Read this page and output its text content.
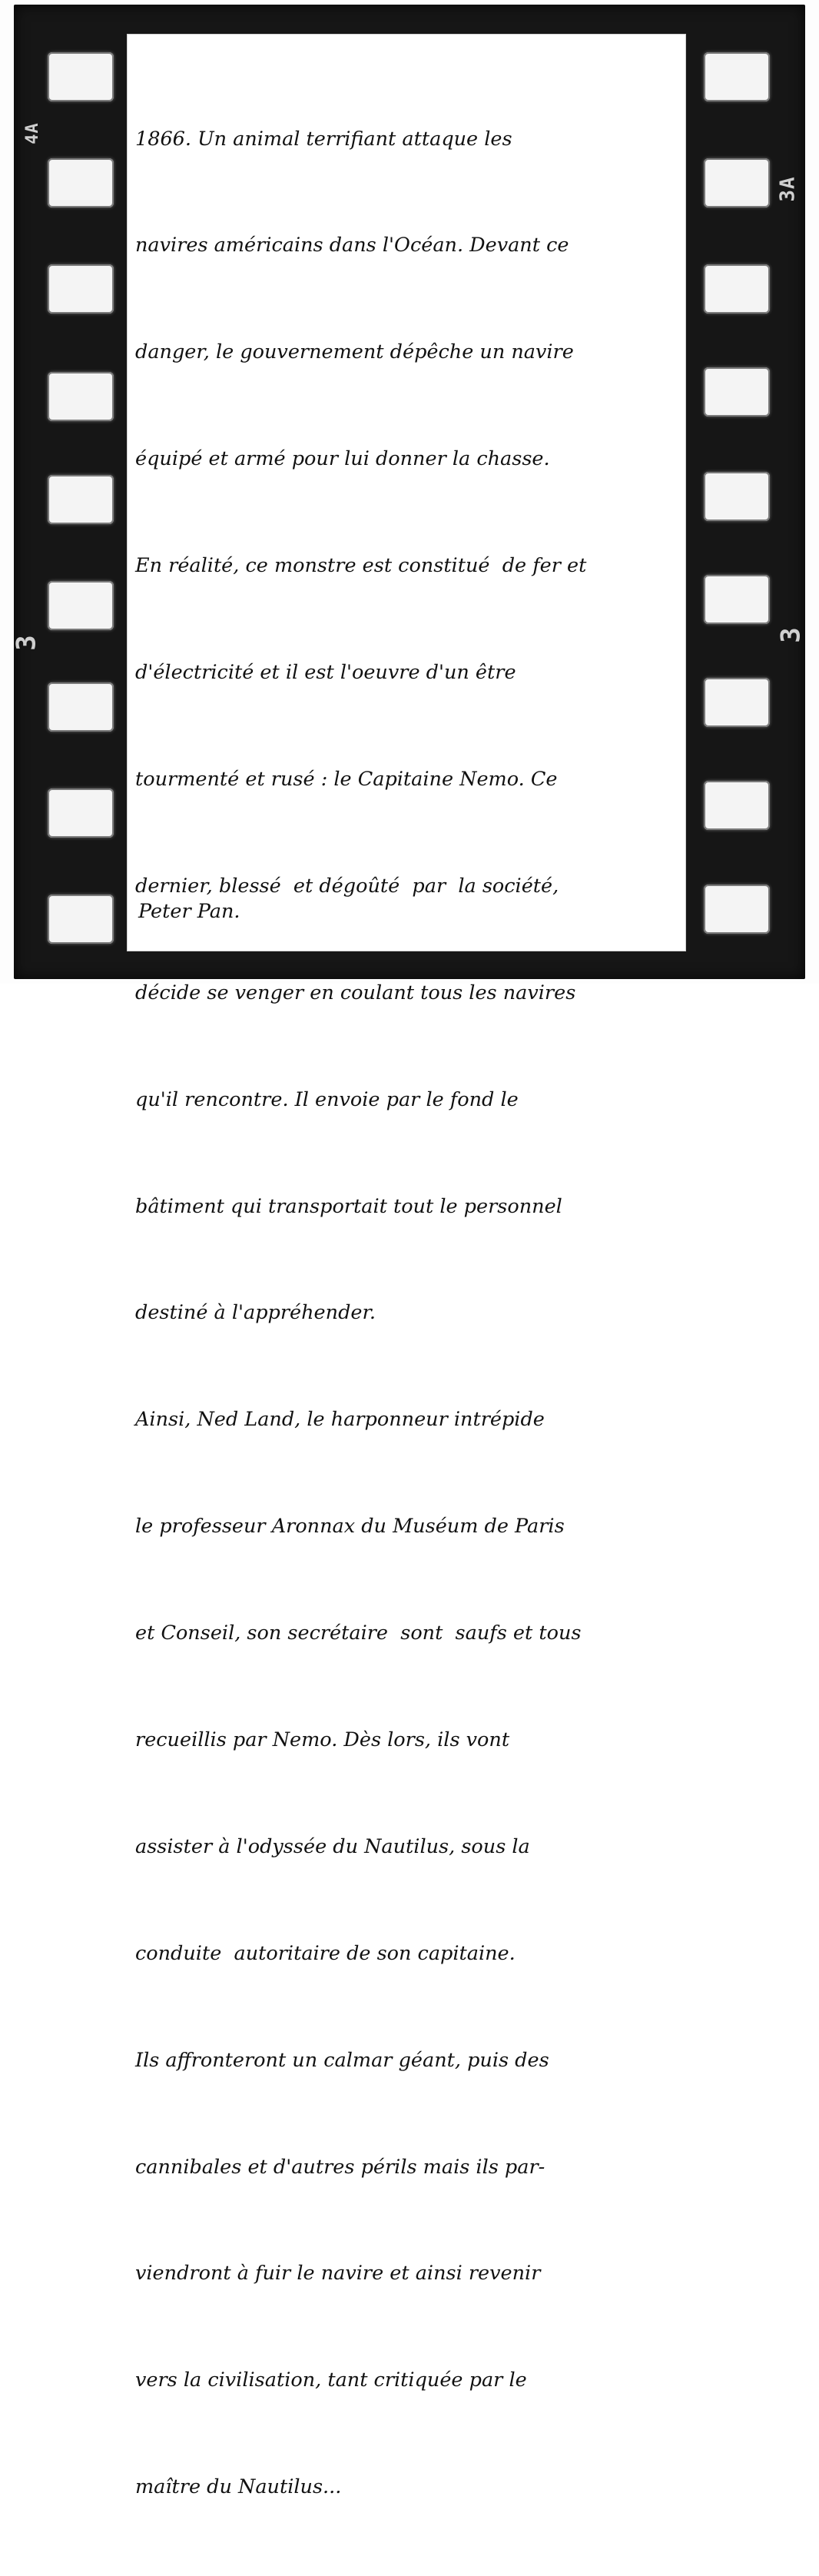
4A
3
3A
3

1866. Un animal terrifiant attaque les

navires américains dans l'Océan. Devant ce

danger, le gouvernement dépêche un navire

équipé et armé pour lui donner la chasse.

En réalité, ce monstre est constitué  de fer et

d'électricité et il est l'oeuvre d'un être

tourmenté et rusé : le Capitaine Nemo. Ce

dernier, blessé  et dégoûté  par  la société,

décide se venger en coulant tous les navires

qu'il rencontre. Il envoie par le fond le

bâtiment qui transportait tout le personnel

destiné à l'appréhender.

Ainsi, Ned Land, le harponneur intrépide

le professeur Aronnax du Muséum de Paris

et Conseil, son secrétaire  sont  saufs et tous

recueillis par Nemo. Dès lors, ils vont

assister à l'odyssée du Nautilus, sous la

conduite  autoritaire de son capitaine.

Ils affronteront un calmar géant, puis des

cannibales et d'autres périls mais ils par-

viendront à fuir le navire et ainsi revenir

vers la civilisation, tant critiquée par le

maître du Nautilus...

Peter Pan.
